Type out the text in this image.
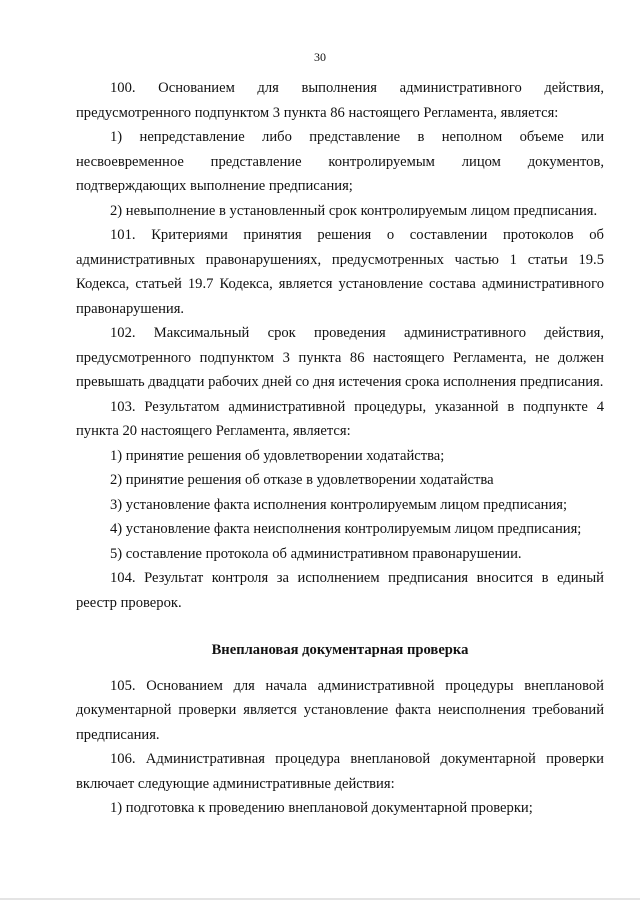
30

100. Основанием для выполнения административного действия, предусмотренного подпунктом 3 пункта 86 настоящего Регламента, является:

1) непредставление либо представление в неполном объеме или несвоевременное представление контролируемым лицом документов, подтверждающих выполнение предписания;

2) невыполнение в установленный срок контролируемым лицом предписания.

101. Критериями принятия решения о составлении протоколов об административных правонарушениях, предусмотренных частью 1 статьи 19.5 Кодекса, статьей 19.7 Кодекса, является установление состава административного правонарушения.

102. Максимальный срок проведения административного действия, предусмотренного подпунктом 3 пункта 86 настоящего Регламента, не должен превышать двадцати рабочих дней со дня истечения срока исполнения предписания.

103. Результатом административной процедуры, указанной в подпункте 4 пункта 20 настоящего Регламента, является:

1) принятие решения об удовлетворении ходатайства;

2) принятие решения об отказе в удовлетворении ходатайства

3) установление факта исполнения контролируемым лицом предписания;

4) установление факта неисполнения контролируемым лицом предписания;

5) составление протокола об административном правонарушении.

104. Результат контроля за исполнением предписания вносится в единый реестр проверок.

Внеплановая документарная проверка

105. Основанием для начала административной процедуры внеплановой документарной проверки является установление факта неисполнения требований предписания.

106. Административная процедура внеплановой документарной проверки включает следующие административные действия:

1) подготовка к проведению внеплановой документарной проверки;
